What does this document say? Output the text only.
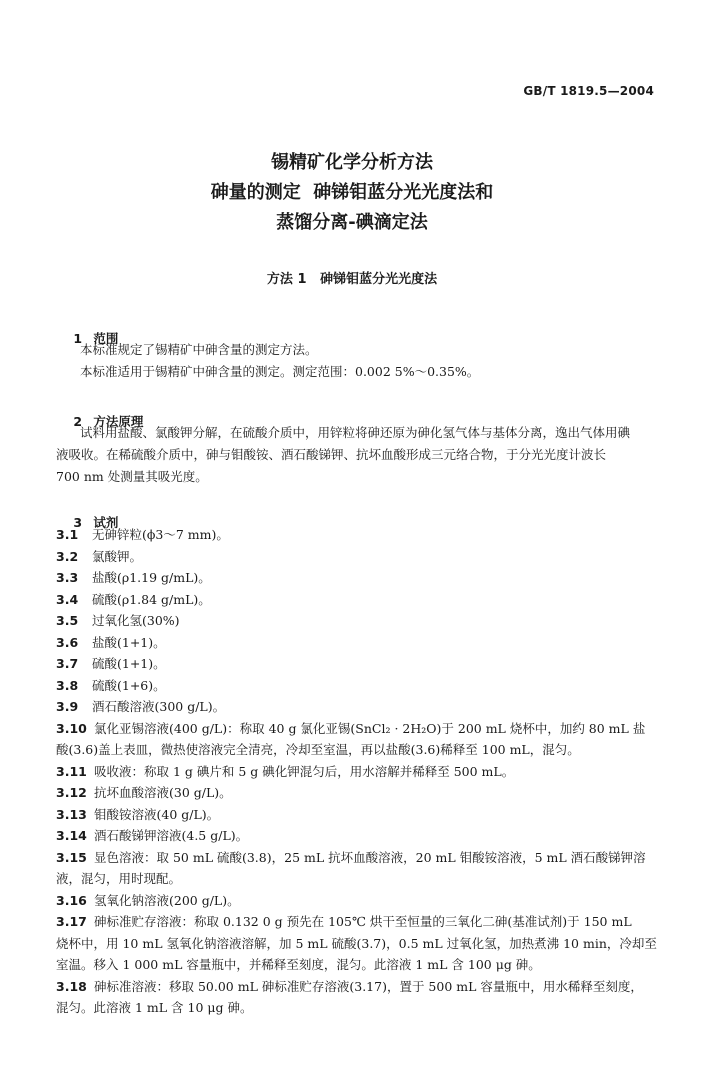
GB/T 1819.5—2004
锡精矿化学分析方法
砷量的测定  砷锑钼蓝分光光度法和
蒸馏分离-碘滴定法
方法 1   砷锑钼蓝分光光度法

1 范围

本标准规定了锡精矿中砷含量的测定方法。
本标准适用于锡精矿中砷含量的测定。测定范围：0.002 5%～0.35%。

2 方法原理

试料用盐酸、氯酸钾分解，在硫酸介质中，用锌粒将砷还原为砷化氢气体与基体分离，逸出气体用碘
液吸收。在稀硫酸介质中，砷与钼酸铵、酒石酸锑钾、抗坏血酸形成三元络合物，于分光光度计波长
700 nm 处测量其吸光度。

3 试剂

3.1 无砷锌粒(ϕ3～7 mm)。
3.2 氯酸钾。
3.3 盐酸(ρ1.19 g/mL)。
3.4 硫酸(ρ1.84 g/mL)。
3.5 过氧化氢(30%)
3.6 盐酸(1+1)。
3.7 硫酸(1+1)。
3.8 硫酸(1+6)。
3.9 酒石酸溶液(300 g/L)。
3.10 氯化亚锡溶液(400 g/L)：称取 40 g 氯化亚锡(SnCl₂ · 2H₂O)于 200 mL 烧杯中，加约 80 mL 盐
酸(3.6)盖上表皿，微热使溶液完全清亮，冷却至室温，再以盐酸(3.6)稀释至 100 mL，混匀。
3.11 吸收液：称取 1 g 碘片和 5 g 碘化钾混匀后，用水溶解并稀释至 500 mL。
3.12 抗坏血酸溶液(30 g/L)。
3.13 钼酸铵溶液(40 g/L)。
3.14 酒石酸锑钾溶液(4.5 g/L)。
3.15 显色溶液：取 50 mL 硫酸(3.8)，25 mL 抗坏血酸溶液，20 mL 钼酸铵溶液，5 mL 酒石酸锑钾溶
液，混匀，用时现配。
3.16 氢氧化钠溶液(200 g/L)。
3.17 砷标准贮存溶液：称取 0.132 0 g 预先在 105℃ 烘干至恒量的三氧化二砷(基准试剂)于 150 mL
烧杯中，用 10 mL 氢氧化钠溶液溶解，加 5 mL 硫酸(3.7)，0.5 mL 过氧化氢，加热煮沸 10 min，冷却至
室温。移入 1 000 mL 容量瓶中，并稀释至刻度，混匀。此溶液 1 mL 含 100 μg 砷。
3.18 砷标准溶液：移取 50.00 mL 砷标准贮存溶液(3.17)，置于 500 mL 容量瓶中，用水稀释至刻度，
混匀。此溶液 1 mL 含 10 μg 砷。
